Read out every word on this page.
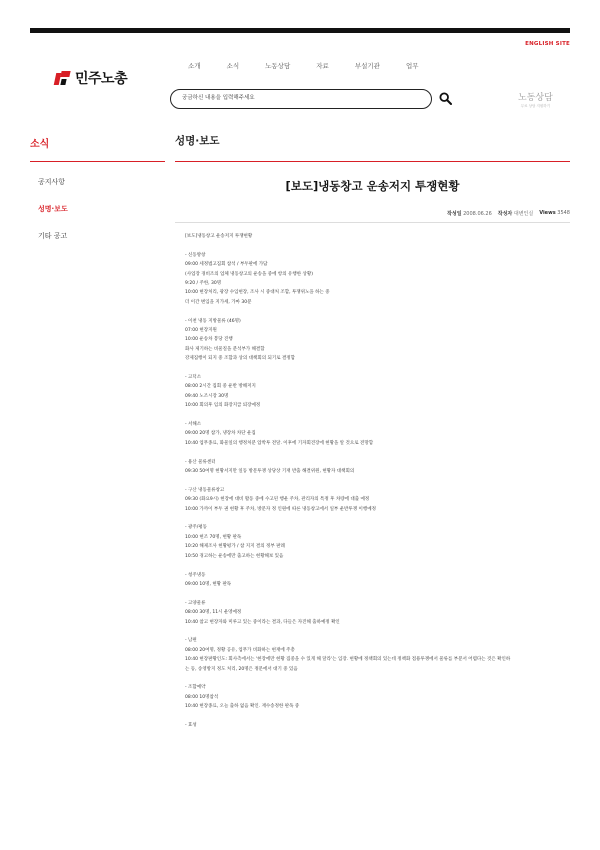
ENGLISH SITE
민주노총
소개	소식	노동상담	자료	부설기관	업무
궁금하신 내용을 입력해주세요
노동상담
무료 상담 지원하기
소식
공지사항
성명·보도
기타 공고
성명·보도
[보도]냉동창고 운송저지 투쟁현황
작성일 2008.06.26 작성자 대변인실 Views 3548

[보도]냉동창고 운송저지 투쟁현황

- 신동방창

09:00 세정법고집회 참석 / 부두판에 가담

(사업장 경비조의 업체 냉동창고의 운송을 중에 항의 유행한 상황)

9:20 / 주한, 30명

10:00 현장처리, 광장 수입현장, 조사 시 중대처 조합, 투쟁위노을 하는 중

더 이간 변입을 지가세, 가마 30분

- 이천 냉동 지방물류 (46명)

07:00 현장지원

10:00 운송차 봉당 진행

화사 제기하는 비물질을 분석부가 해결함

강제집행이 되지 중 조합과 상의 대책회의 되기로 결정함

- 고덕소

08:00 2시간 집회 중 운반 방해저지

09:40 노조시장 30명

10:00 회의후 임의 화장지급 퇴장예정

- 서해소

09:00 20명 참가, 냉장차 차단 운집

10:40 업무종료, 화물일의 행정처분 압박투 전달. 이후에 기자회견장에 현황을 알 것으로 전망함

- 용산 물류센터

09:30 50여명 현황서지만 일동 방문투쟁 상당상 기재 반출 해결위원, 현황자 대책회의

- 구산 냉동물류창고

09:30 (화요9시) 현장에 대비 활동 중에 수고된 행운 주차, 관리자의 특정 후 차량에 대출 예정

10:00 가까이 부두 권 현황 후 주차, 방문자 정 인원에 따른 냉동창고에서 일부 운반투쟁 이행예정

- 광주/평동

10:00 현조 70명, 현황 판독

10:20 해제조사 현황평가 / 참 지지 결의 정부 판례

10:50 경고하는 운송에만 출고하는 현황해보 있음

- 청주냉동

09:00 10명, 현황 판독

- 고양물류

08:00 30명, 11시 운영예정

10:40 참고 현장자와 미루고 있는 중이라는 결과, 다들은 자진해 출하예정 확인

- 남편

08:00 20여명, 정황 공유, 업무가 비화하는 현재에 주총

10:40 현장판황인도: 회사측에서는 '현장에만 현황 집중을 수 있게 해 달라'는 입장. 현황에 정책회의 있는데 정책화 점용투쟁에서 물류를 부분서 어렵다는 것은 확인하

는 등, 송영방지 정도 처리, 20명은 정문에서 대기 중 있음

- 조합예약

08:00 10명참석

10:40 현장종료, 오늘 출하 없음 확인. 재수송정한 판독 중

- 효성
